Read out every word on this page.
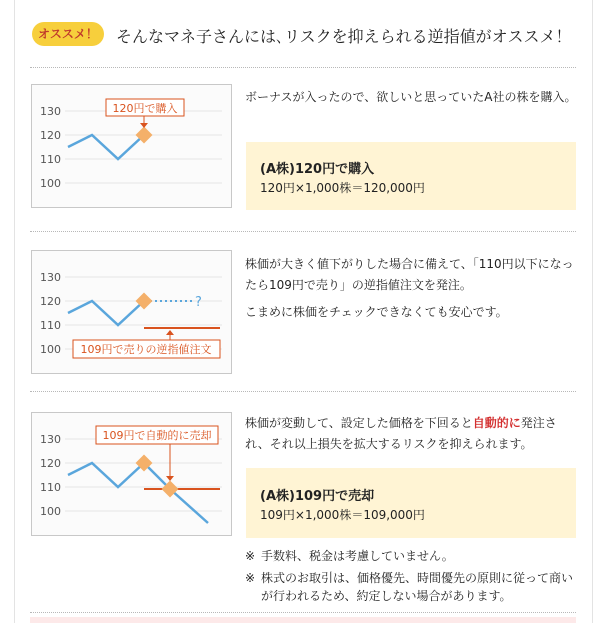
オススメ！	そんなマネ子さんには､リスクを抑えられる逆指値がオススメ！
130
120
110
100
120円で購入

ボーナスが入ったので、欲しいと思っていたA社の株を購入。

(A株)120円で購入
120円×1,000株＝120,000円
130
120
110
100
?
109円で売りの逆指値注文

株価が大きく値下がりした場合に備えて、「110円以下になったら109円で売り」の逆指値注文を発注。

こまめに株価をチェックできなくても安心です。

130
120
110
100
109円で自動的に売却

株価が変動して、設定した価格を下回ると自動的に発注され、それ以上損失を拡大するリスクを抑えられます。

(A株)109円で売却
109円×1,000株＝109,000円
※ 手数料、税金は考慮していません。
※ 株式のお取引は、価格優先、時間優先の原則に従って商いが行われるため、約定しない場合があります。
